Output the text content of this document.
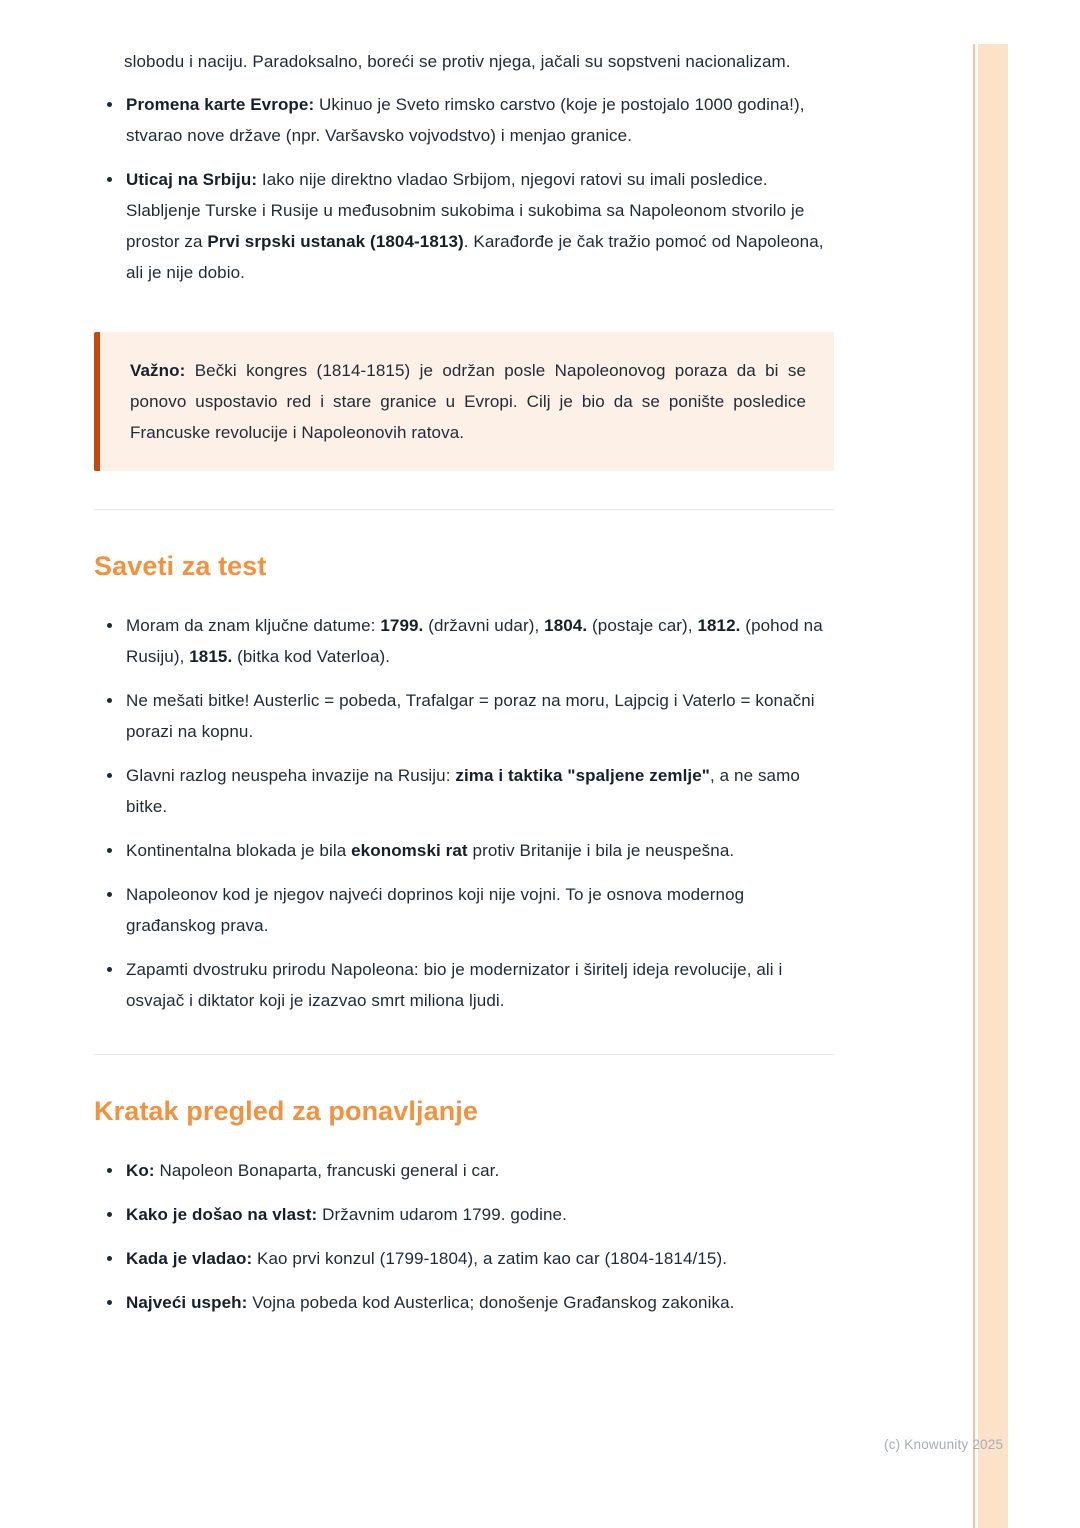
slobodu i naciju. Paradoksalno, boreći se protiv njega, jačali su sopstveni nacionalizam.

• Promena karte Evrope: Ukinuo je Sveto rimsko carstvo (koje je postojalo 1000 godina!), stvarao nove države (npr. Varšavsko vojvodstvo) i menjao granice.
• Uticaj na Srbiju: Iako nije direktno vladao Srbijom, njegovi ratovi su imali posledice. Slabljenje Turske i Rusije u međusobnim sukobima i sukobima sa Napoleonom stvorilo je prostor za Prvi srpski ustanak (1804-1813). Karađorđe je čak tražio pomoć od Napoleona, ali je nije dobio.

Važno: Bečki kongres (1814-1815) je održan posle Napoleonovog poraza da bi se ponovo uspostavio red i stare granice u Evropi. Cilj je bio da se ponište posledice Francuske revolucije i Napoleonovih ratova.

Saveti za test
• Moram da znam ključne datume: 1799. (državni udar), 1804. (postaje car), 1812. (pohod na Rusiju), 1815. (bitka kod Vaterloa).
• Ne mešati bitke! Austerlic = pobeda, Trafalgar = poraz na moru, Lajpcig i Vaterlo = konačni porazi na kopnu.
• Glavni razlog neuspeha invazije na Rusiju: zima i taktika "spaljene zemlje", a ne samo bitke.
• Kontinentalna blokada je bila ekonomski rat protiv Britanije i bila je neuspešna.
• Napoleonov kod je njegov najveći doprinos koji nije vojni. To je osnova modernog građanskog prava.
• Zapamti dvostruku prirodu Napoleona: bio je modernizator i širitelj ideja revolucije, ali i osvajač i diktator koji je izazvao smrt miliona ljudi.
Kratak pregled za ponavljanje
• Ko: Napoleon Bonaparta, francuski general i car.
• Kako je došao na vlast: Državnim udarom 1799. godine.
• Kada je vladao: Kao prvi konzul (1799-1804), a zatim kao car (1804-1814/15).
• Najveći uspeh: Vojna pobeda kod Austerlica; donošenje Građanskog zakonika.
(c) Knowunity 2025
